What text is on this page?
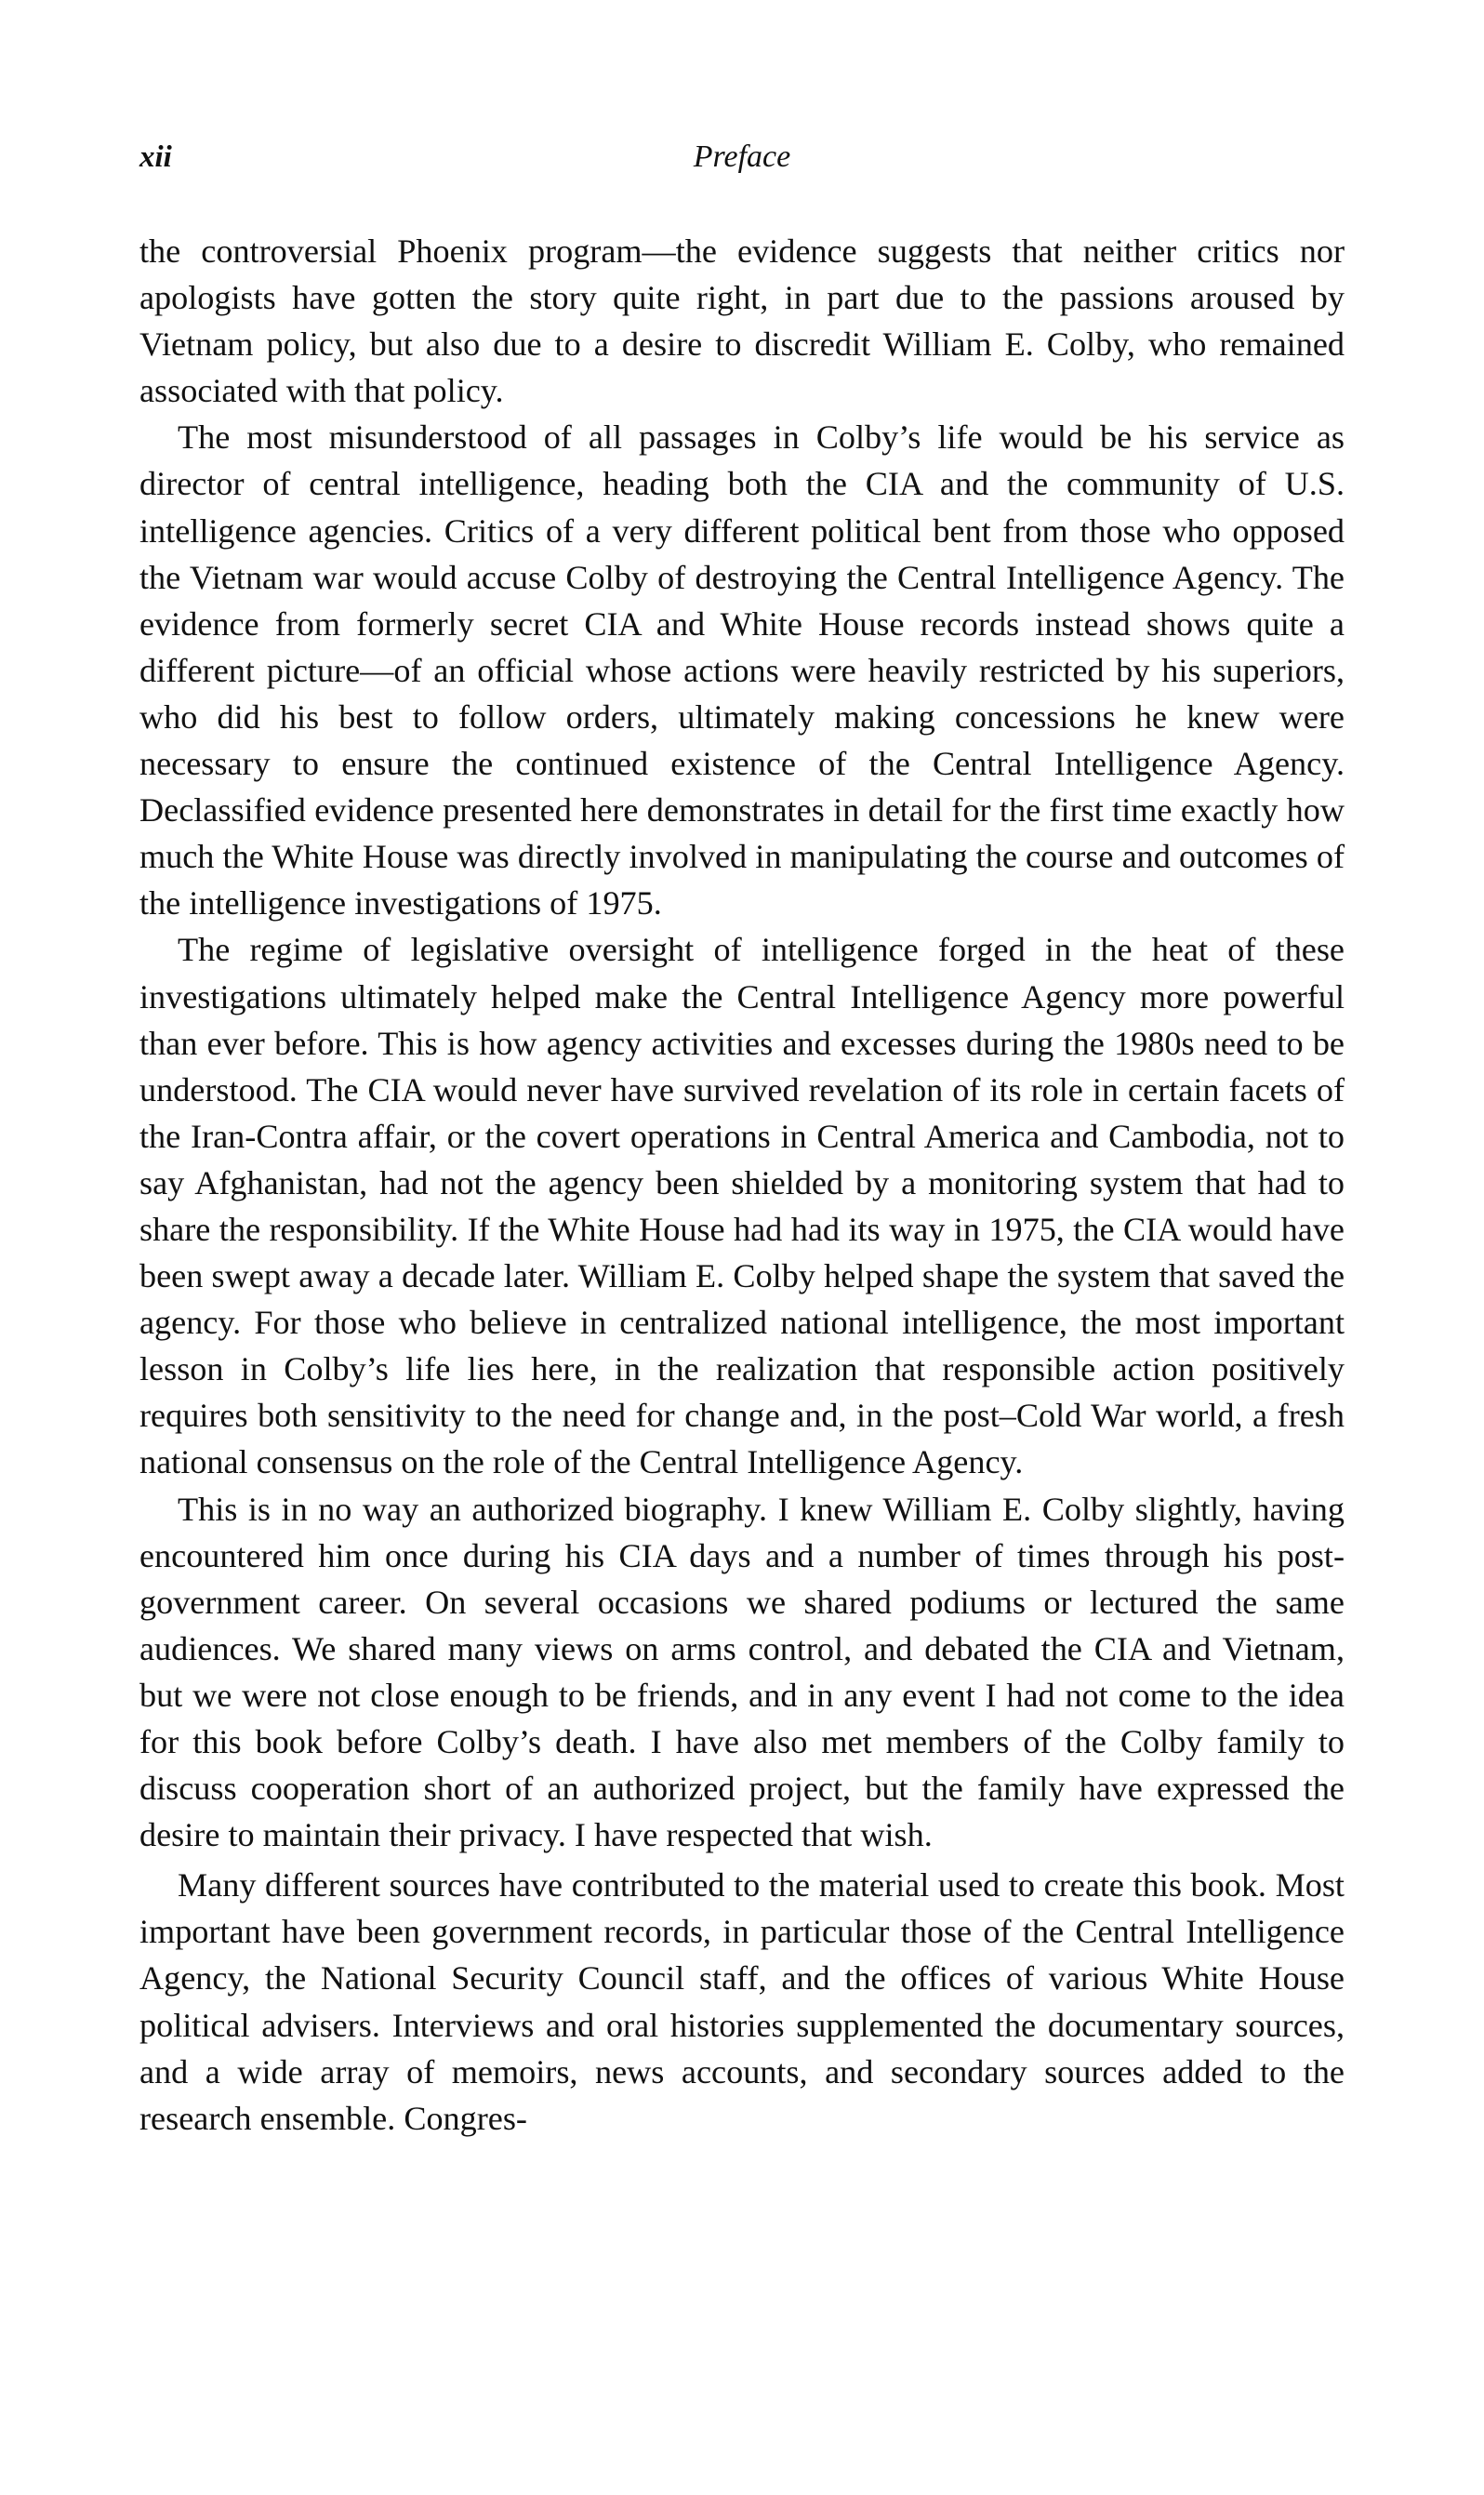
xii	Preface

the controversial Phoenix program—the evidence suggests that neither critics nor apologists have gotten the story quite right, in part due to the passions aroused by Vietnam policy, but also due to a desire to discredit William E. Colby, who remained associated with that policy.

The most misunderstood of all passages in Colby’s life would be his service as director of central intelligence, heading both the CIA and the community of U.S. intelligence agencies. Critics of a very different political bent from those who opposed the Vietnam war would accuse Colby of destroying the Central Intelligence Agency. The evidence from formerly secret CIA and White House records instead shows quite a different picture—of an official whose actions were heavily restricted by his superiors, who did his best to follow orders, ultimately making concessions he knew were necessary to ensure the continued existence of the Central Intelligence Agency. Declassified evidence presented here demonstrates in detail for the first time exactly how much the White House was directly involved in manipulating the course and outcomes of the intelligence investigations of 1975.

The regime of legislative oversight of intelligence forged in the heat of these investigations ultimately helped make the Central Intelligence Agency more powerful than ever before. This is how agency activities and excesses during the 1980s need to be understood. The CIA would never have survived revelation of its role in certain facets of the Iran-Contra affair, or the covert operations in Central America and Cambodia, not to say Afghanistan, had not the agency been shielded by a monitoring system that had to share the responsibility. If the White House had had its way in 1975, the CIA would have been swept away a decade later. William E. Colby helped shape the system that saved the agency. For those who believe in centralized national intelligence, the most important lesson in Colby’s life lies here, in the realization that responsible action positively requires both sensitivity to the need for change and, in the post–Cold War world, a fresh national consensus on the role of the Central Intelligence Agency.

This is in no way an authorized biography. I knew William E. Colby slightly, having encountered him once during his CIA days and a number of times through his post-government career. On several occasions we shared podiums or lectured the same audiences. We shared many views on arms control, and debated the CIA and Vietnam, but we were not close enough to be friends, and in any event I had not come to the idea for this book before Colby’s death. I have also met members of the Colby family to discuss cooperation short of an authorized project, but the family have expressed the desire to maintain their privacy. I have respected that wish.

Many different sources have contributed to the material used to create this book. Most important have been government records, in particular those of the Central Intelligence Agency, the National Security Council staff, and the offices of various White House political advisers. Interviews and oral histories supplemented the documentary sources, and a wide array of memoirs, news accounts, and secondary sources added to the research ensemble. Congres-
